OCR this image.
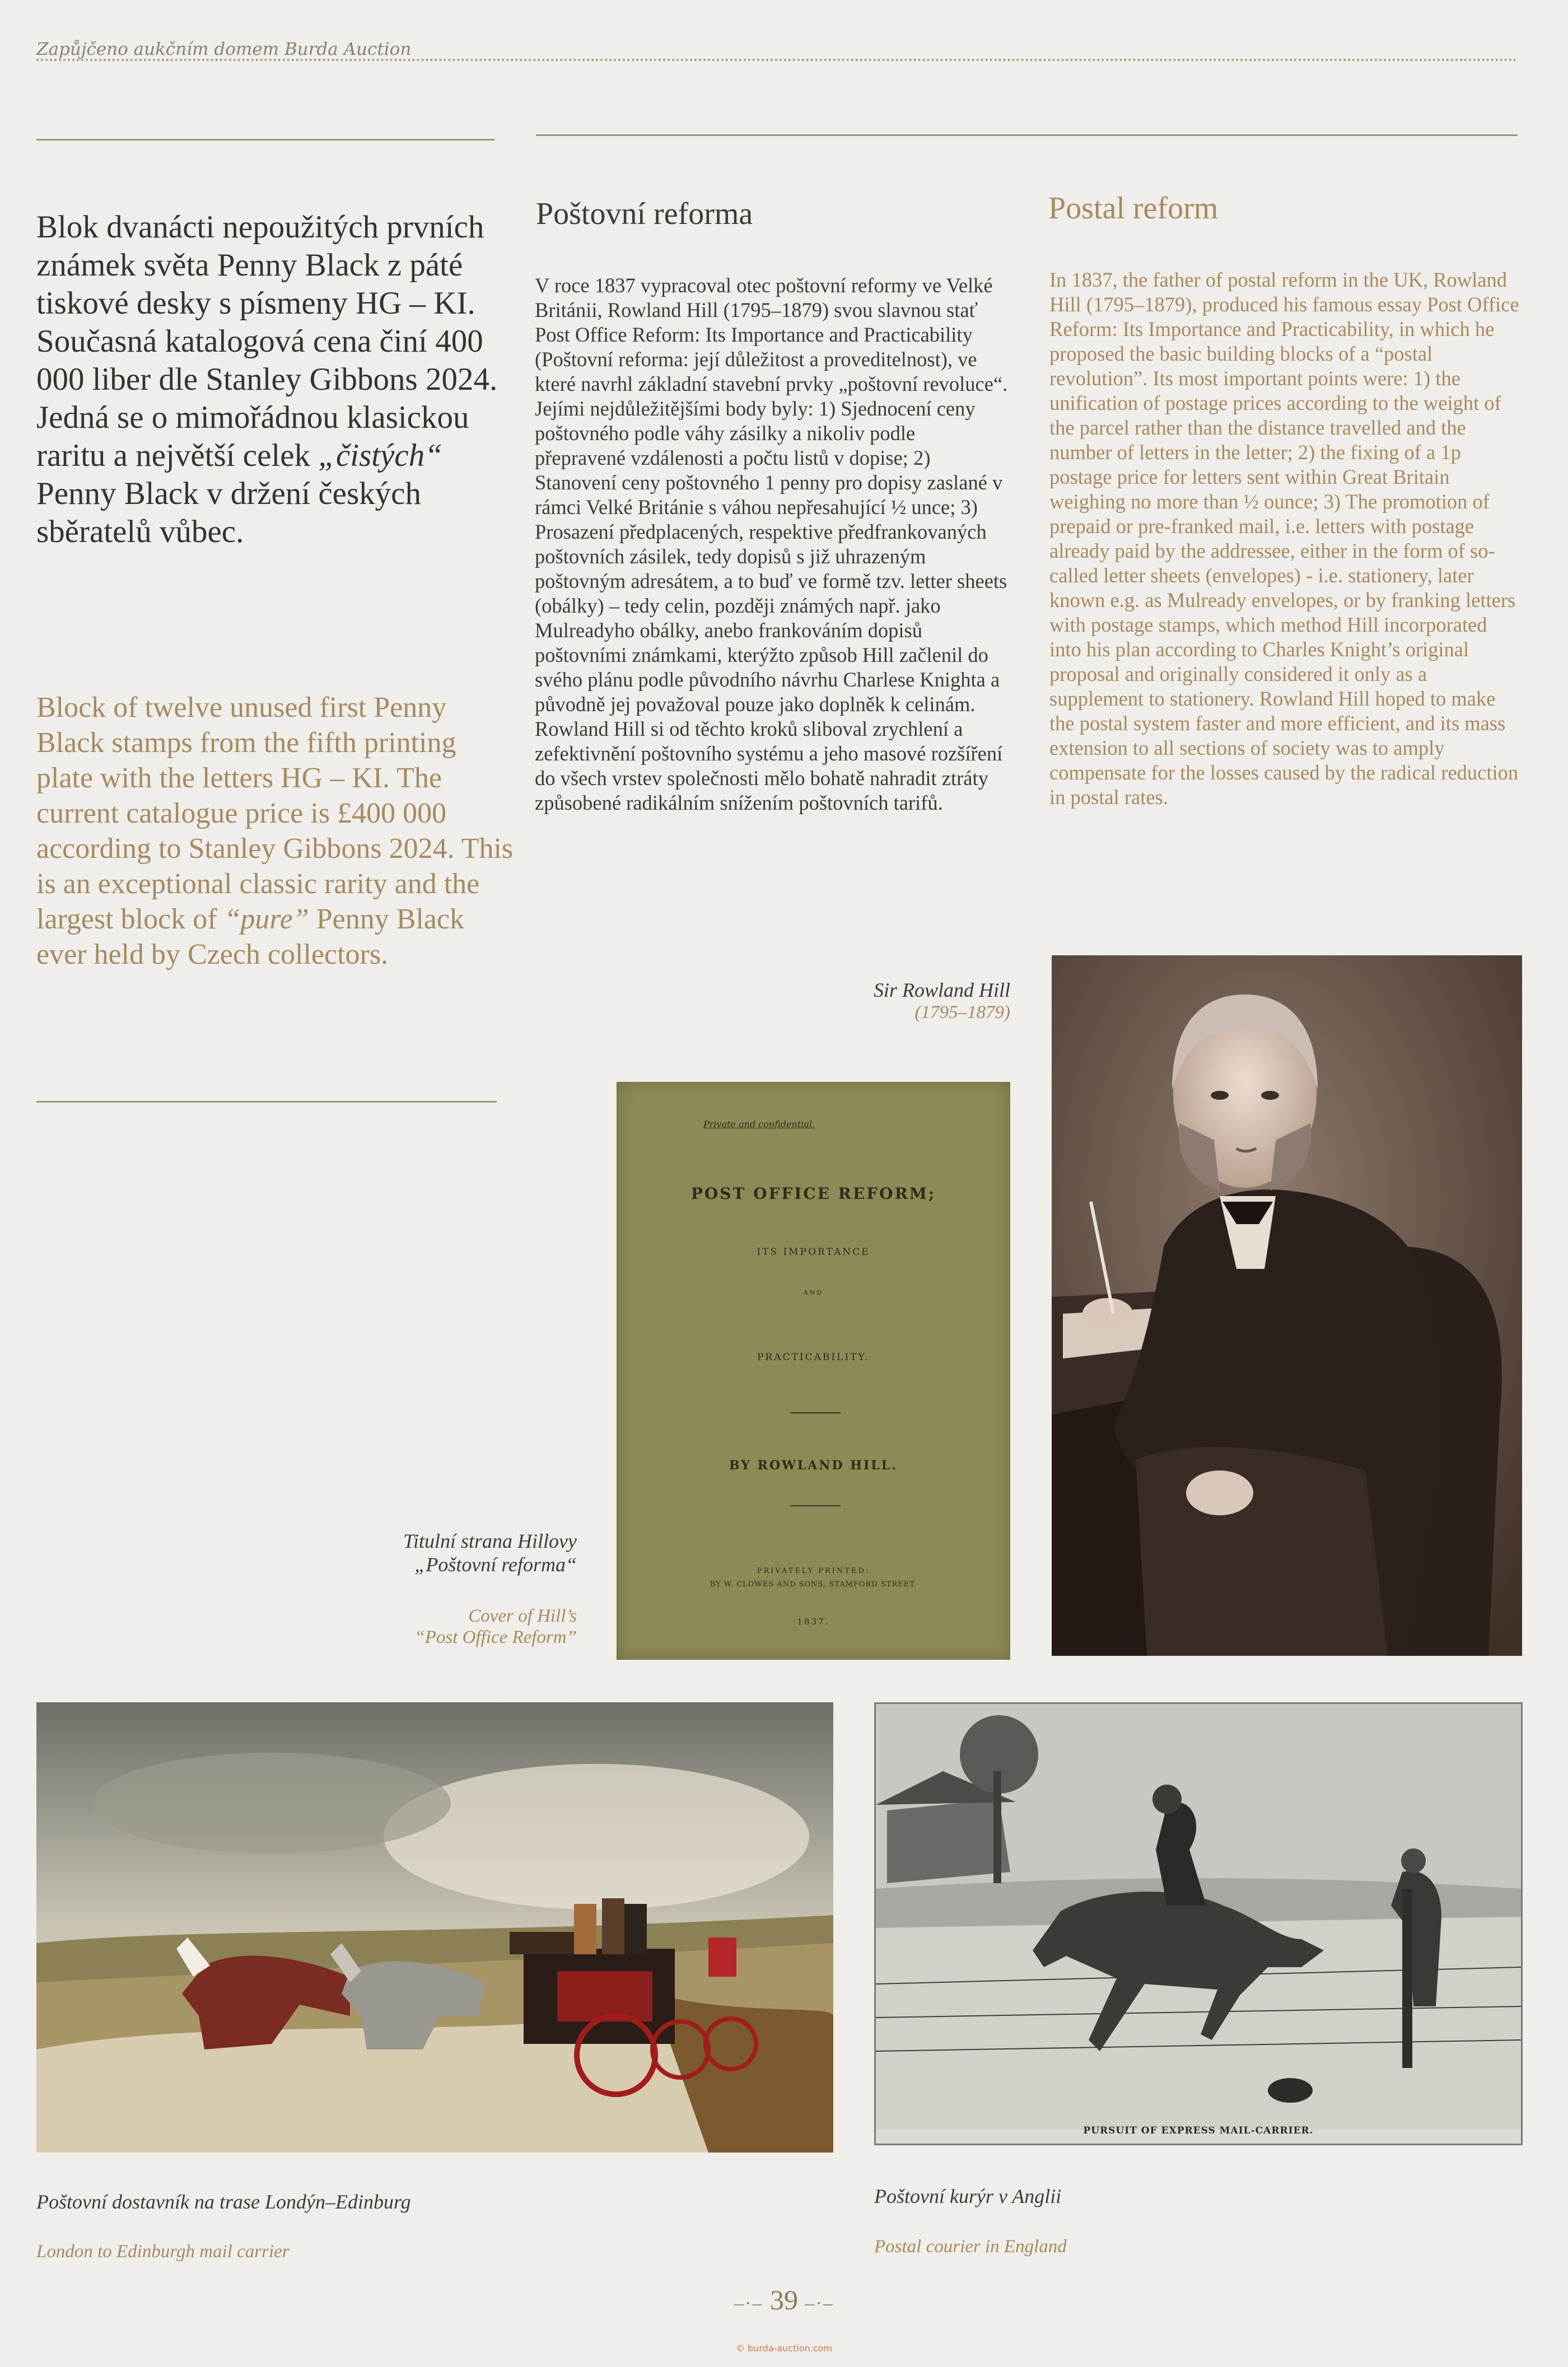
Zapůjčeno aukčním domem Burda Auction
Blok dvanácti nepoužitých prvních známek světa Penny Black z páté tiskové desky s písmeny HG – KI. Současná katalogová cena činí 400 000 liber dle Stanley Gibbons 2024. Jedná se o mimořádnou klasickou raritu a největší celek „čistých“ Penny Black v držení českých sběratelů vůbec.
Block of twelve unused first Penny Black stamps from the fifth printing plate with the letters HG – KI. The current catalogue price is £400 000 according to Stanley Gibbons 2024. This is an exceptional classic rarity and the largest block of “pure” Penny Black ever held by Czech collectors.
Poštovní reforma
V roce 1837 vypracoval otec poštovní reformy ve Velké Británii, Rowland Hill (1795–1879) svou slavnou stať Post Office Reform: Its Importance and Practicability (Poštovní reforma: její důležitost a proveditelnost), ve které navrhl základní stavební prvky „poštovní revoluce“. Jejími nejdůležitějšími body byly: 1) Sjednocení ceny poštovného podle váhy zásilky a nikoliv podle přepravené vzdálenosti a počtu listů v dopise; 2) Stanovení ceny poštovného 1 penny pro dopisy zaslané v rámci Velké Británie s váhou nepřesahující ½ unce; 3) Prosazení předplacených, respektive předfrankovaných poštovních zásilek, tedy dopisů s již uhrazeným poštovným adresátem, a to buď ve formě tzv. letter sheets (obálky) – tedy celin, později známých např. jako Mulreadyho obálky, anebo frankováním dopisů poštovními známkami, kterýžto způsob Hill začlenil do svého plánu podle původního návrhu Charlese Knighta a původně jej považoval pouze jako doplněk k celinám. Rowland Hill si od těchto kroků sliboval zrychlení a zefektivnění poštovního systému a jeho masové rozšíření do všech vrstev společnosti mělo bohatě nahradit ztráty způsobené radikálním snížením poštovních tarifů.
Postal reform
In 1837, the father of postal reform in the UK, Rowland Hill (1795–1879), produced his famous essay Post Office Reform: Its Importance and Practicability, in which he proposed the basic building blocks of a “postal revolution”. Its most important points were: 1) the unification of postage prices according to the weight of the parcel rather than the distance travelled and the number of letters in the letter; 2) the fixing of a 1p postage price for letters sent within Great Britain weighing no more than ½ ounce; 3) The promotion of prepaid or pre-franked mail, i.e. letters with postage already paid by the addressee, either in the form of so-called letter sheets (envelopes) - i.e. stationery, later known e.g. as Mulready envelopes, or by franking letters with postage stamps, which method Hill incorporated into his plan according to Charles Knight’s original proposal and originally considered it only as a supplement to stationery. Rowland Hill hoped to make the postal system faster and more efficient, and its mass extension to all sections of society was to amply compensate for the losses caused by the radical reduction in postal rates.
Sir Rowland Hill
(1795–1879)
Titulní strana Hillovy
„Poštovní reforma“
Cover of Hill’s
“Post Office Reform”
Private and confidential.
POST OFFICE REFORM;
ITS IMPORTANCE
AND
PRACTICABILITY.
BY ROWLAND HILL.
PRIVATELY PRINTED:
BY W. CLOWES AND SONS, STAMFORD STREET.
1837.
PURSUIT OF EXPRESS MAIL-CARRIER.
Poštovní dostavník na trase Londýn–Edinburg
London to Edinburgh mail carrier
Poštovní kurýr v Anglii
Postal courier in England
–·– 39 –·–
© burda-auction.com
